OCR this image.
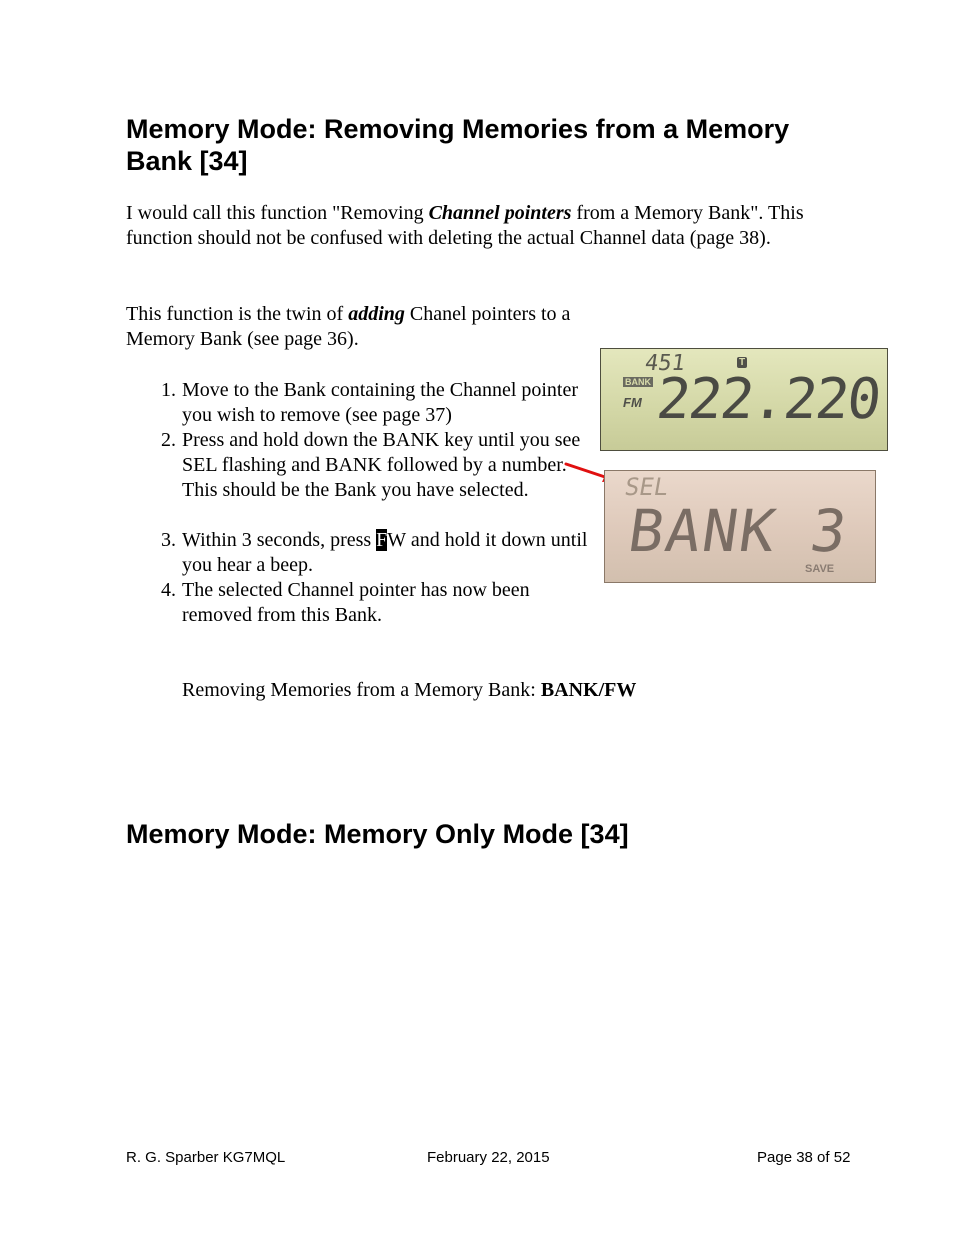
Memory Mode: Removing Memories from a Memory Bank [34]

I would call this function "Removing Channel pointers from a Memory Bank". This function should not be confused with deleting the actual Channel data (page 38).

This function is the twin of adding Chanel pointers to a Memory Bank (see page 36).

1. Move to the Bank containing the Channel pointer you wish to remove (see page 37)
2. Press and hold down the BANK key until you see SEL flashing and BANK followed by a number. This should be the Bank you have selected.
3. Within 3 seconds, press FW and hold it down until you hear a beep.
4. The selected Channel pointer has now been removed from this Bank.
Removing Memories from a Memory Bank: BANK/FW
451	T
BANK
FM 222.220
SEL
BANK 3
SAVE
Memory Mode: Memory Only Mode [34]
R. G. Sparber KG7MQL	February 22, 2015	Page 38 of 52
